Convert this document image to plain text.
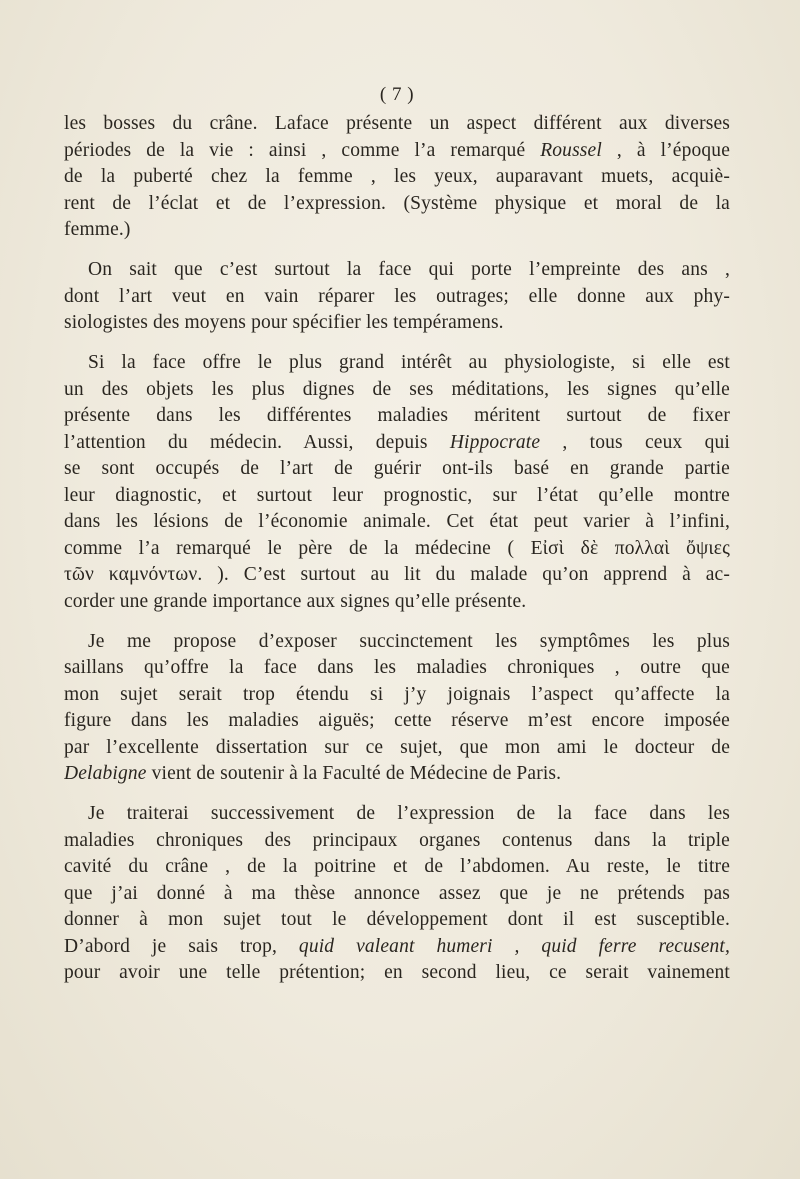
( 7 )
les bosses du crâne. Laface présente un aspect différent aux diverses
périodes de la vie : ainsi , comme l’a remarqué Roussel , à l’époque
de la puberté chez la femme , les yeux, auparavant muets, acquiè-
rent de l’éclat et de l’expression. (Système physique et moral de la
femme.)
On sait que c’est surtout la face qui porte l’empreinte des ans ,
dont l’art veut en vain réparer les outrages; elle donne aux phy-
siologistes des moyens pour spécifier les tempéramens.
Si la face offre le plus grand intérêt au physiologiste, si elle est
un des objets les plus dignes de ses méditations, les signes qu’elle
présente dans les différentes maladies méritent surtout de fixer
l’attention du médecin. Aussi, depuis Hippocrate , tous ceux qui
se sont occupés de l’art de guérir ont-ils basé en grande partie
leur diagnostic, et surtout leur prognostic, sur l’état qu’elle montre
dans les lésions de l’économie animale. Cet état peut varier à l’infini,
comme l’a remarqué le père de la médecine ( Εἰσὶ δὲ πολλαὶ ὄψιες
τῶν καμνόντων. ). C’est surtout au lit du malade qu’on apprend à ac-
corder une grande importance aux signes qu’elle présente.
Je me propose d’exposer succinctement les symptômes les plus
saillans qu’offre la face dans les maladies chroniques , outre que
mon sujet serait trop étendu si j’y joignais l’aspect qu’affecte la
figure dans les maladies aiguës; cette réserve m’est encore imposée
par l’excellente dissertation sur ce sujet, que mon ami le docteur de
Delabigne vient de soutenir à la Faculté de Médecine de Paris.
Je traiterai successivement de l’expression de la face dans les
maladies chroniques des principaux organes contenus dans la triple
cavité du crâne , de la poitrine et de l’abdomen. Au reste, le titre
que j’ai donné à ma thèse annonce assez que je ne prétends pas
donner à mon sujet tout le développement dont il est susceptible.
D’abord je sais trop, quid valeant humeri , quid ferre recusent,
pour avoir une telle prétention; en second lieu, ce serait vainement
